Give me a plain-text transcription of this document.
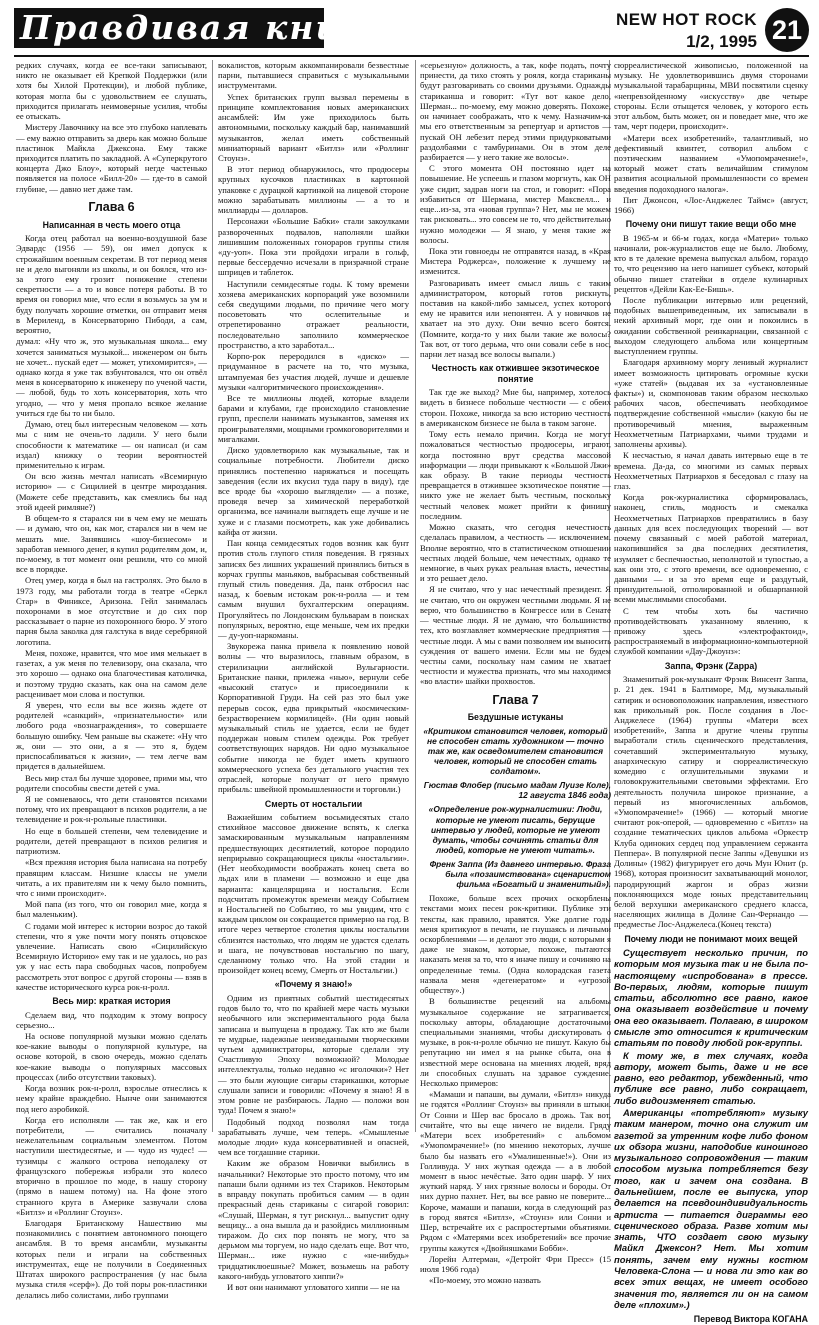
Правдивая книга	NEW HOT ROCK
1/2, 1995 21

редких случаях, когда ее все-таки записывают, никто не оказывает ей Крепкой Поддержки (или хотя бы Хилой Протекции), и любой публике, которая могла бы с удовольствием ее слушать, приходится прилагать неимоверные усилия, чтобы ее отыскать.

Мистеру Лавочнику на все это глубоко наплевать — ему важно отправить за дверь как можно больше пластинок Майкла Джексона. Ему также приходится платить по закладной. А «Суперкрутого концерта Джо Блоу», который негде частенько появляется на полосе «Билл-20» — где-то в самой глубине, — давно нет даже там.

Глава 6
Написанная в честь моего отца

Когда отец работал на военно-воздушной базе Эдвардс (1956 — 59), он имел допуск к строжайшим военным секретам. В тот период меня не и дело выгоняли из школы, и он боялся, что из-за этого ему грозит понижение степени секретности — а то и вовсе потеря работы. В то время он говорил мне, что если я возьмусь за ум и буду получать хорошие отметки, он отправит меня в Мериленд, в Консерваторию Пибоди, а сам, вероятно,

думал: «Ну что ж, это музыкальная школа... ему хочется заниматься музыкой... инженером он быть не хочет... пускай едет — может, утихомирится», — однако когда я уже так взбунтовался, что он отвёл меня в консерваторию к инженеру по ученой части, — любой, будь то хоть консерватория, хоть что угодно, — что у меня пропало всякое желание учиться где бы то ни было.

Думаю, отец был интересным человеком — хоть мы с ним не очень-то ладили. У него были способности к математике — он написал (и сам издал) книжку о теории вероятностей применительно к играм.

Он всю жизнь мечтал написать «Всемирную историю» — с Сицилией в центре мироздания. (Можете себе представить, как смеялись бы над этой идеей римляне?)

В общем-то я старался ни в чем ему не мешать — и думаю, что он, как мог, старался ни в чем не мешать мне. Занявшись «шоу-бизнесом» и заработав немного денег, я купил родителям дом, и, по-моему, в тот момент они решили, что со мной все в порядке.

Отец умер, когда я был на гастролях. Это было в 1973 году, мы работали тогда в театре «Серкл Стар» в Финиксе, Аризона. Гейл занималась похоронами в мое отсутствие и до сих пор рассказывает о парне из похоронного бюро. У этого парня была заколка для галстука в виде серебряной логотипа.

Меня, похоже, нравится, что мое имя мелькает в газетах, а уж меня по телевизору, она сказала, что это хорошо — однако она благочестивая католичка, и поэтому трудно сказать, как она на самом деле расценивает мои слова и поступки.

Я уверен, что если вы все жизнь ждете от родителей «санкций», «признательности» или любого рода «вознаграждения», то совершаете большую ошибку. Чем раньше вы скажете: «Ну что ж, они — это они, а я — это я, будем приспосабливаться к жизни», — тем легче вам придется в дальнейшем.

Весь мир стал бы лучше здоровее, прими мы, что родители способны свести детей с ума.

Я не сомневаюсь, что дети становятся психами потому, что их превращают в психов родители, а не телевидение и рок-н-рольные пластинки.

Но еще в большей степени, чем телевидение и родители, детей превращают в психов религия и патриотизм.

«Вся прежняя история была написана на потребу правящим классам. Низшие классы не умели читать, а их правителям ни к чему было помнить, что с ними происходит».

Мой папа (из того, что он говорил мне, когда я был маленьким).

С годами мой интерес к истории возрос до такой степени, что я уже почти могу понять отцовское увлечение. Написать свою «Сицилийскую Всемирную Историю» ему так и не удалось, но раз уж у нас есть пара свободных часов, попробуем рассмотреть этот вопрос с другой стороны — взяв в качестве исторического курса рок-н-ролл.

Весь мир: краткая история

Сделаем вид, что подходим к этому вопросу серьезно...

На основе популярной музыки можно сделать кое-какие выводы о популярной культуре, на основе которой, в свою очередь, можно сделать кое-какие выводы о популярных массовых процессах (либо отсутствии таковых).

Когда возник рок-н-ролл, взрослые отнеслись к нему крайне враждебно. Нынче они занимаются под него аэробикой.

Когда его исполняли — так же, как и его потребители, — считались поначалу нежелательным социальным элементом. Потом наступили шестидесятые, и — чудо из чудес! — тузимцы с жалкого острова неподалеку от французского побережья избрали это колесо вторично в прошлое по моде, в нашу сторону (прямо в нашем потому) на. На фоне этого странного круга в Америке зазвучали слова «Битлз» и «Роллинг Стоунз».

Благодаря Британскому Нашествию мы познакомились с понятием автономного поющего ансамбля. В то время ансамбли, музыканты которых пели и играли на собственных инструментах, еще не получили в Соединенных Штатах широкого распространения (у нас была музыка стиля «серф»). До той поры рок-пластинки делались либо солистами, либо группами

вокалистов, которым аккомпанировали безвестные парни, пытавшиеся справиться с музыкальными инструментами.

Успех британских групп вызвал перемены в принципе комплектования новых американских ансамблей: Им уже приходилось быть автономными, поскольку каждый бар, нанимавший музыкантов, желал иметь собственный миниатюрный вариант «Битлз» или «Роллинг Стоунз».

В этот период обнаружилось, что продюсеры крупных кусочков пластинках в картонной упаковке с дурацкой картинкой на лицевой стороне можно зарабатывать миллионы — а то и миллиарды — долларов.

Персонажи «Большие Бабки» стали закоулками развороченных подвалов, наполняли шайки лишившим положенных гонораров группы стиля «ду-уоп». Пока эти пройдохи играли в гольф, первые бессердечно исчезали в призрачной стране шприцев и таблеток.

Наступили семидесятые годы. К тому времени хозяева американских корпораций уже возомнили себя сведущими людьми, по причине чего могу посоветовать что ослепительные и отрепетированно отражает реальности, последовательно заполнило коммерческое пространство, а кто заработал...

Корпо-рок переродился в «диско» — придуманное в расчете на то, что музыка, штампуемая без участия людей, лучше и дешевле музыки «алгоритмического происхождения».

Все те миллионы людей, которые владели барами и клубами, где происходило становление групп, преспели нанимать музыкантов, заменяя их проигрывателями, мощными громкоговорителями и мигалками.

Диско удовлетворило как музыкальные, так и социальные потребности. Любители диско принялись постепенно наряжаться и посещать заведения (если их вкусил туда пару в виду), где все вроде бы «хорошо выглядели» — а позже, проведя вечер за химической переработкой организма, все начинали выглядеть еще лучше и не хуже и с глазами посмотреть, как уже добивались кайфа от жизни.

Пан конца семидесятых годов возник как бунт против столь глупого стиля поведения. В грязных записях без лишних украшений принялись биться в корчах группы маньяков, выбрасывая собственный глупый стиль поведения. Да, панк отбросил нас назад, к боевым истокам рок-н-ролла — и тем самым внушил бухгалтерским операциям. Прогуляйтесь по Лондонским бульварам в поисках популярных, вероятно, еще меньше, чем их предки — ду-уоп-наркоманы.

Звукорежа панка привела к появлению новой волны — что выразилось, главным образом, в стерилизации английской Вульгарности. Британские панки, прилежа «нью», вернули себе «высокий статус» и присоединили к Корпоративной Груди. На сей раз это был уже перерыв сосок, едва прикрытый «космическим-безрастворением кормилицей». (Ни один новый музыкальный стиль не удается, если не будет поддержан новым стилем одежды. Рок требует соответствующих нарядов. Ни одно музыкальное событие никогда не будет иметь крупного коммерческого успеха без детального участия тех отраслей, которые получат от него прямую прибыль: швейной промышленности и торговли.)

Смерть от ностальгии

Важнейшим событием восьмидесятых стало стихийное массовое движение вспять, к слегка замаскированным музыкальным направлениям предшествующих десятилетий, которое породило неприрывно сокращающиеся циклы «ностальгии». (Нет необходимости воображать конец света во льдах или в пламени — возможно и еще два варианта: канцелярщина и ностальгия. Если подсчитать промежуток времени между Событием и Ностальгией по Событию, то мы увидим, что с каждым циклом он сокращается примерно на год. В итоге через четвертое столетия циклы ностальгии сблизятся настолько, что людям не удастся сделать и шага, не почувствовав ностальгию по шагу, сделанному только что. На этой стадии и произойдет конец всему, Смерть от Ностальгии.)

«Почему я знаю!»

Одним из приятных событий шестидесятых годов было то, что по крайней мере часть музыки необычного или экспериментального рода была записана и выпущена в продажу. Так кто же были те мудрые, надежные неизведанными творческими чутьем администраторы, которые сделали эту Счастливую Эпоху возможной? Молодые интеллектуалы, только недавно «с иголочки»? Нет — это были жующие сигары старикашки, которые слушали записи и говорили: «Почему я знаю! Я в этом ровне не разбираюсь. Ладно — положи вон туда! Почем я знаю!»

Подобный подход позволял нам тогда зарабатывать лучше, чем теперь. «Смышленые молодые люди» куда консервативней и опасней, чем все тогдашние старики.

Каким же образом Новички выбились в начальники? Некоторые это просто потому, что им папаши были одними из тех Стариков. Некоторым в вправду покупать пробиться самим — в один прекрасный день стариканы с сигарой говорил: «Слушай, Шерман, я тут рискнул... выпустит одну вещицу... а она вышла да и разойдись миллионным тиражом. До сих пор понять не могу, что за дерьмом мы торгуем, но надо сделать еще. Вот что, Шерман... иже нужно с «не-нибудь» тридцатиклюешные? Может, возьмешь на работу какого-нибудь угловатого хиппи?»

И вот они нанимают угловатого хиппи — не на

«серьезную» должность, а так, кофе подать, почту принести, да тихо стоять у рояля, когда стариканы будут разговаривать со своими друзьями. Однажды стариканша и говорит: «Тут вот какое дело, Шерман... по-моему, ему можно доверять. Похоже, он начинает соображать, что к чему. Назначим-ка мы его ответственным за репертуар и артистов — пускай ОН лебезит перед этими придурковатыми раздолбаями с тамбуринами. Он в этом деле разбирается — у него такие же волосы».

С этого момента ОН постоянно идет на повышение. Не успеешь и глазом моргнуть, как ОН уже сидит, задрав ноги на стол, и говорит: «Пора избавиться от Шермана, мистер Максвелл... и еще...из-за, эта «новая группа»? Нет, мы не можем так рисковать... это совсем не то, что действительно нужно молодежи — Я знаю, у меня такие же волосы.

Пока эти говноеды не отправятся назад, в «Края Мистера Роджерса», положение к лучшему не изменится.

Разговаривать имеет смысл лишь с таким администратором, который готов рискнуть, поставив на какой-либо замысел, успех которого ему не нравится или непонятен. А у новичков не хватает на это духу. Они вечно всего боятся. (Помните, когда-то у них были такие же волосы? Так вот, от того дерьма, что они совали себе в нос, парни лет назад все волосы выпали.)

Честность как отжившее экзотическое понятие

Так где же выход? Мне бы, например, хотелось видеть в бизнесе побольше честности — с обеих сторон. Похоже, никогда за всю историю честность в американском бизнесе не была в таком загоне.

Тому есть немало причин. Когда не могут пожаловаться честностью продюсеры, играют, когда постоянно врут средства массовой информации — люди привыкают к «Большой Лжи» как образу. В такие периоды честность превращается в отжившее экзотическое понятие — никто уже не желает быть честным, поскольку честный человек может прийти к финишу последним.

Можно сказать, что сегодня нечестность сделалась правилом, а честность — исключением. Вполне вероятно, что в статистическом отношении честных людей больше, чем нечестных, однако те немногие, в чьих руках реальная власть, нечестны, и это решает дело.

Я не считаю, что у нас нечестный президент. Я не считаю, что он окружен честными людьми. Я не верю, что большинство в Конгрессе или в Сенате — честные люди. Я не думаю, что большинство тех, кто возглавляет коммерческие предприятия — честные люди. А мы с вами позволяем им выносить суждения от вашего имени. Если мы не будем честны сами, поскольку нам самим не хватает честности и мужества признать, что мы находимся «во власти» шайки прохвостов.

Глава 7
Бездушные истуканы
«Критиком становится человек, который не способен стать художником — точно так же, как осведомителем становится человек, который не способен стать солдатом».
Гюстав Флобер (письмо мадам Луизе Коле), 12 августа 1846 года)
«Определение рок-журналистики: Люди, которые не умеют писать, берущие интервью у людей, которые не умеют думать, чтобы сочинять статьи для людей, которые не умеют читать».
Френк Заппа (Из давнего интервью. Фраза была «позаимствована» сценаристом фильма «Богатый и знаменитый»).

Похоже, больше всех прочих оскорблены текстами моих песен рок-критики. Публике эти тексты, как правило, нравятся. Уже долгие годы меня критикуют в печати, не гнушаясь и личными оскорблениями — и делают это люди, с которыми я даже не знаком, которые, похоже, пытаются наказать меня за то, что я иначе пишу и сочиняю на определенные темы. (Одна колорадская газета назвала меня «дегенератом» и «угрозой обществу».)

В большинстве рецензий на альбомы музыкальное содержание не затрагивается, поскольку авторы, обладающие достаточными специальными знаниями, чтобы дискутировать о музыке, в рок-н-ролле обычно не пишут. Какую бы репутацию ни имел я на рынке сбыта, она в известной мере основана на мнениях людей, вряд ли способных слушать на здравое суждение. Несколько примеров:

«Мамаши и папаши, вы думали, «Битлз» никуда не годятся «Роллинг Стоунз» вы приняли в штыки. От Сонни и Шер вас бросало в дрожь. Так вот, считайте, что вы еще ничего не видели. Гряду «Матери всех изобретений» с альбомом «Умопомрачение!» (по мнению некоторых, лучше было бы назвать его «Умалишенные!»). Они из Голливуда. У них жуткая одежда — а в любой момент в ньюс нечёстые. Зато один шарф. У них жуткий наряд. У них грязные волосы и бороды. От них дурно пахнет. Нет, вы все равно не поверите... Короче, мамаши и папаши, когда в следующий раз в город явятся «Битлз», «Стоунз» или Сонни и Шер, встречайте их с распростертыми объятиями. Рядом с «Матерями всех изобретений» все прочие группы кажутся «Двойняшками Бобби».

Лорейн Алтерман, «Детройт Фри Пресс» (15 июля 1966 года)

«По-моему, это можно назвать

сюрреалистической живописью, положенной на музыку. Не удовлетворившись двумя сторонами музыкальной тарабарщины, МВИ посвятили сценку «непревзойденному «искусству» две четыре стороны. Если отыщется человек, у которого есть этот альбом, быть может, он и поведает мне, что же там, черт подери, происходит».

«Матери всех изобретений», талантливый, но дефективный квинтет, сотворил альбом с поэтическим названием «Умопомрачение!», который может стать величайшим стимулом развития асоциальной промышленности со времен введения подоходного налога».

Пит Джонсон, «Лос-Анджелес Таймс» (август, 1966)

Почему они пишут такие вещи обо мне

В 1965-м и 66-м годах, когда «Матери» только начинали, рок-журналистов еще не было. Любому, кто в те далекие времена выпускал альбом, гораздо то, что рецензию на него напишет субъект, который обычно пишет статейки в отделе кулинарных рецептов «Дейли Как-Ее-Бишь».

После публикации интервью или рецензий, подобных вышеприведенным, их записывали в некий архивный морг, где они и покоились в ожидании собственной реинкарнации, связанной с выходом следующего альбома или концертным выступлением группы.

Благодаря архивному моргу ленивый журналист имеет возможность цитировать огромные куски «уже статей» (выдавая их за «установленные факты») и, скомпоновав таким образом несколько рабочих часов, обеспечивать необходимое подтверждение собственной «мысли» (какую бы не противоречивый мнения, выраженным Неохметчетным Патриархами, чьими трудами и заполнены архивы).

К несчастью, я начал давать интервью еще в те времена. Да-да, со многими из самых первых Неохметчетных Патриархов я беседовал с глазу на глаз.

Когда рок-журналистика сформировалась, наконец, стиль, модность и смекалка Неохметчетных Патриархов превратились в базу данных для всех последующих творений — вот почему связанный с моей работой материал, накопившийся за два последних десятилетия, изумляет с беспечностью, неполнотой и тупостью, а как они это, с этого времени, все одновременно, с данными — и за это время еще и раздутый, принудительной, отполированной и обшарпанной всеми мыслимыми способами.

С тем чтобы хоть бы частично противодействовать указанному явлению, к привожу здесь «электрофактоид», распространяемый в информационно-компьютерной службой компании «Дау-Джоунз»:

Заппа, Фрэнк (Zappa)

Знаменитый рок-музыкант Фрэнк Винсент Заппа, р. 21 дек. 1941 в Балтиморе, Мд, музыкальный сатирик и основоположник направления, известного как прикольный рок. После создания в Лос-Анджелесе (1964) группы «Матери всех изобретений», Заппа и другие члены группы выработали стиль сценического представления, сочетавший экспериментальную музыку, анархическую сатиру и сюрреалистическую комедию с оглушительными звуками и головокружительными световыми эффектами. Его деятельность получила широкое признание, а первый из многочисленных альбомов, «Умопомрачение!» (1966) — который многие считают рок-оперой, — одновременно с «Битлз» на создание тематических циклов альбома «Оркестр Клуба одиноких сердец под управлением сержанта Пеппера». В популярной песне Заппы «Девушки из Долины» (1982) фигурирует его дочь Мун Юнит (р. 1968), которая произносит захватывающий монолог, пародирующий жаргон и образ жизни поклоняющихся моде юных представительниц белой верхушки американского среднего класса, населяющих жилища в Долине Сан-Фернандо — предместье Лос-Анджелеса.(Конец текста)

Почему люди не понимают моих вещей

Существует несколько причин, по которым моя музыка так и не была по-настоящему «испробована» в прессе. Во-первых, людям, которые пишут статьи, абсолютно все равно, какое она оказывает воздействие и почему она его оказывает. Полагаю, в широком смысле это относится к критическим статьям по поводу любой рок-группы.

К тому же, в тех случаях, когда автору, может быть, даже и не все равно, его редактор, убежденный, что публике все равно, либо сокращает, либо видоизменяет статью.

Американцы «потребляют» музыку таким манером, точно она служит им газетой за утренним кофе либо фоном их обзора жизни, наподобие киношного музыкального сопровождения — таким способом музыка потребляется безу того, как и зачем она создана. В дальнейшем, после ее выпуска, упор делается на псевдоиндивидуальность артиста — питается диграммы его сценического образа. Разве хотим мы знать, ЧТО создает свою музыку Майкл Джексон? Нет. Мы хотим понять, зачем ему нужны костюм Человека-Слона — и нова ли это как во всех этих вещах, не имеет особого значения то, является ли он на самом деле «плохим».)

Перевод Виктора КОГАНА
